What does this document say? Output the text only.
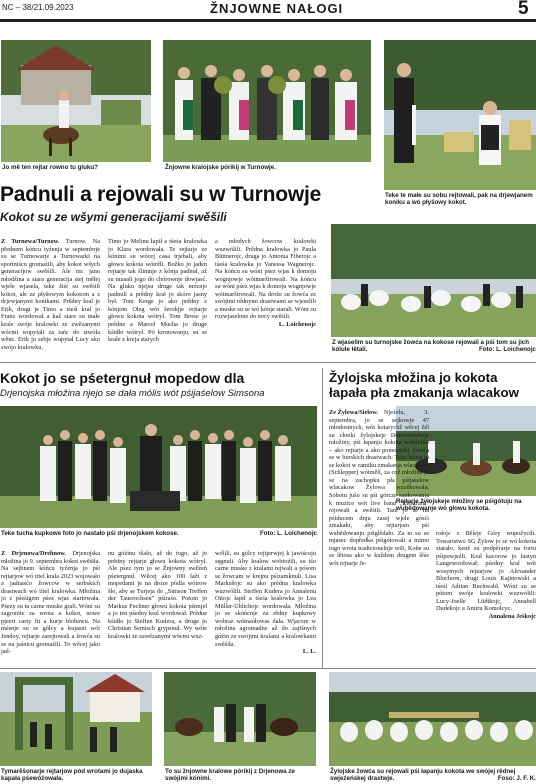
NC – 38/21.09.2023	ŽNJOWNE NAŁOGI	5
Jo mě ten rejtar rowno tu gluku?	Žnjowne kralojske pórikij w Turnowje.
Teke te małe su sobu rejtowali, pak na drjewjanem koniku a wó płyšowy kokot.
Padnuli a rejowali su w Turnowje
Kokot su ze wšymi generacijami swěšili
Z Turnowa/Turnow. Turnow. Na přednem kóńcu tyźenja w septembrje su se Turnowarje a Turnowarki na sportniścu gromaźili, aby kokot wšych generacijow swěśili. Ale nic jano młodźina a stara generacija stej měłej wjele wjasela, teke źiśi su swěśili kokot, ale ze płyšowym kokotom a z drjewjanymi konikami. Prědny kral je Erik, drugi je Timo a tśeśi kral jo Franz wordował a kaž stare su małe krale swóje kralowki ze zwězanymi wócmi wupytali za tańc do stwóła wěnc. Erik jo sebje wupytał Lucy ako swójo kralowku,
Timo jo Melinu łapił a tśeśa kralowka jo Klara wordowała. Te rejtarje ze kónimi su wócej casa trjebali, aby głowu kokota wótrěli. Božko jo jaden rejtarje tak šlimnje z kónja padnuł, až su musali jogo do chórownje dowjasć. Na gluku njejsu druge tak mócnje padnuli a prědny kral jo skóro jasny był. Toni Kerge jo ako prědny z kónjom Oleg wót šerokjje rejtarje głowu kokota wótrył. Tom Brose jo prědne a Marcel Mucha jo druge kśidło wótrył. Pó kronowanju, su se krale z kreja starych
a młodych žowcow kralowki wuzwólili. Prědna kralowka jo Paula Büttnerojc, druga jo Antonia Fiberojc a tśeśa kralowka jo Vanessa Wagnerojc. Na kóńcu su wóni pśez wjas k domoju wognjowje wótmarširowali. Na kóńcu su wóni pśez wjas k domoju wognjowje wótmarširowali. Na drože su žowća ze swójimi rědnymi drastwami se wjeselili a muske su se wó kónje starali. Wóni su rozwjaselone do nocy swěśili.
L. Loichenojc
Z wjaselim su turnojske žowća na kokose rejowali a pśi tom su jich kólule łětali.	Foto: L. Loichenojc
Kokot jo se pśetergnuł mopedow dla
Drjenojska młožina njejo se dała mólis wót pśijaśelow Simsona
Teke tucha kupkowe foto jo nastało pśi drjenojskem kokose.	Foto: L. Loichenojc
Z Drjenowa/Drehnow. Drjenojska młožina jo 9. septembra kokot swěśiła. Na sejbnem kóńcu tyźenja jo pśi rejtarjow wó titel krala 2023 wojowało a jadnasćo žowcow w serbskich drastwach wó titel kralowka. Młožina jo z pśeśigem pśez wjas startowała. Pśezy su tu carne muske grali. Wóni su zagronite za wrota a kokot, nowe pjeeri carty fit a kurje blobawu. Na mésnje su se gólcy a kujasni wót Jendoy, rejtarje zarejtowali a žowća su se na jaśnicu gromaźili. To wěcej jako jad-
nu góźinu tšało, až do togo, až jo prědny rejtarje głowu kokota wótrył. Ale pśez tym jo se Žnjowny swěźeń pśetergnuł. Wěcej ako 100 lažt z mopedami je na droze pódla wótrow šło, aby se Turjeja do „Simson Treffen der Tauerochsen" pśiraśo. Potom jo Markus Fechner głowu kokota pśimjeł a jo ten pśedny kral wordował. Prědne kśidło jo Steffen Kudera, a druge jo Christian Semisch grypsnuł. Wy wóte kralowki ze zawězanymi wócmi wuz-
wólili, su gólcy rejtjerwjej k jawiścoju sęgnuli. Aby kralow wobtoźili, su tśo carne muske z kralami rejwali a póśom se žowcam w krejnu pśizamknuli. Lisa Markušojc su ako prědna kralowka wuzwólili. Steffen Kudera jo Annalenu Ottojc łapił a tśeśa kralowka jo Lea Müller-Uhlichojc wordowała. Młožina jo se skóńcnje za rědny kupkowy wobraz wótnaółowas dała. Wjacore w młožina agromadne až do zajtšnych góźin ze swójimi kralami a kralowkami swěśiła.
L. L.
Žylojska młožina jo kokota łapała pła zmakanja wlacakow
Ze Žylowa/Sielow.
Rejtarje žylojskeje młožiny se pśigótuju na wubědowanje wó głowu kokota.
Njeźelu, 3. septembra, jo se sejkowje 47 młodostnych, wót kotarychž wěcej žél su cłonki žylojskeje Domowinskeje młožiny, pśi łapanju kokota wobźeliło – ako rejtarje a ako pomocniki, žowća se w burskich drastwach. Teke kśosa jo se kokot w ramiku zmakanja wlacakow (Schlepper) wótmělí, za což młožina jo se na zachopku pła pśijaśelow wlacakow Žylowa wuzěkowała. Sobotu jušo su pśi górcze sankowanja k muzice wót live band „Elektrarit" rejowali a swěśili. Tam jo se na pśiducem dnju zasej wjele gósći zmakało, aby rejtarjam pśi wubědowanju pśiglědało. Za to su se mjasec dopředka pśigótowali a mimo togo wrota tradicionelnje wili, Koňe su se lětosa ako w kuždem drugem lěśe wót rejtarje Je-
rołojc z Běleje Góry wupožycili. Towaristwo SG Žylow jo se wó kokota starało, kenž su podpěrarje na fortu pśipowjeźli. Kral kacorow jo lustyn Langewordował; pśedny kral wót wosymych rejtarjow jo Alexander Blochorn, drugi Louis Kajinowski a tśeśi Adrian Buchwald. Wóni su se pótom swóje kralowki wuzwólili: Lucy-Joelle Lüdtkojc, Annabell Dudekojc a Amiru Komolcyc.
Annalena Ješkojc
Tymarěšonarje rejtarjow pód wrotami jo dujaska kapała pśewóźowała.
To su žnjowne kralowe pórikij z Drjenowa ze swójimi kónimi.
Žylojske žowća su rejowali pśi łapanju kokota we swójej rědnej swjeźeńskej drastwje.	Foso: J. F. K.
